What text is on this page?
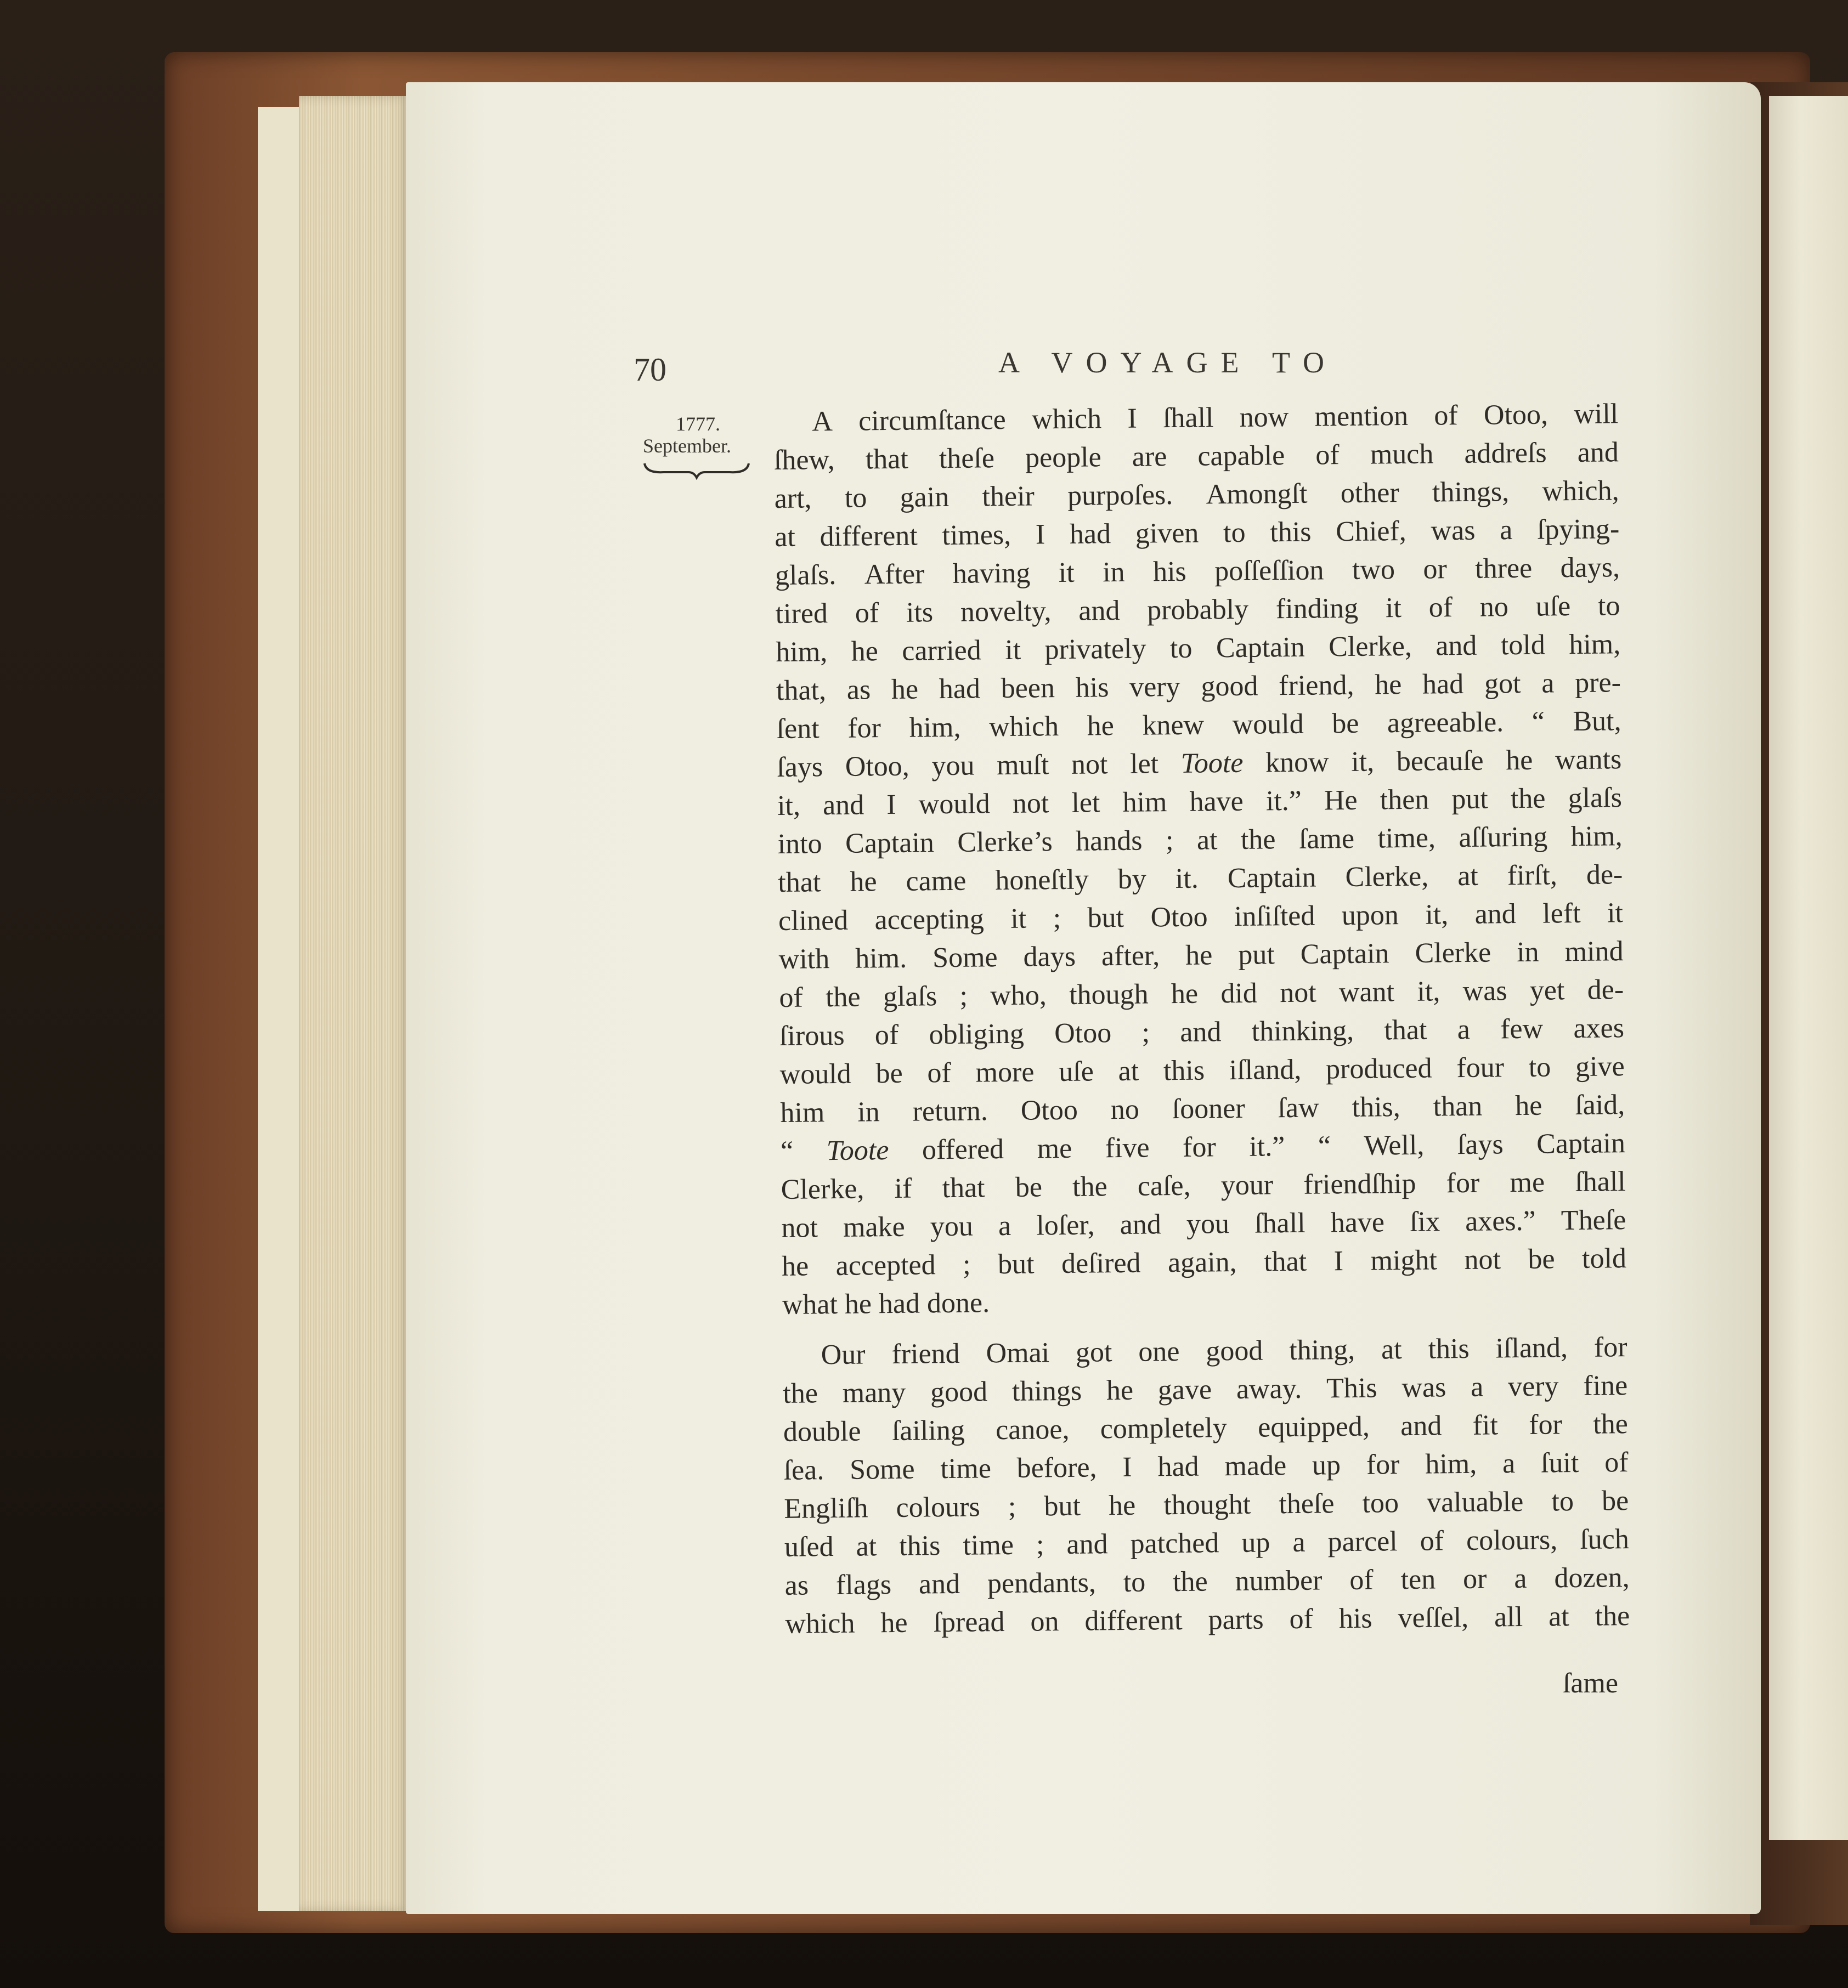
70	A VOYAGE TO
1777.
September.
A circumſtance which I ſhall now mention of Otoo, will
ſhew, that theſe people are capable of much addreſs and
art, to gain their purpoſes. Amongſt other things, which,
at different times, I had given to this Chief, was a ſpying-
glaſs. After having it in his poſſeſſion two or three days,
tired of its novelty, and probably finding it of no uſe to
him, he carried it privately to Captain Clerke, and told him,
that, as he had been his very good friend, he had got a pre-
ſent for him, which he knew would be agreeable. “ But,
ſays Otoo, you muſt not let Toote know it, becauſe he wants
it, and I would not let him have it.” He then put the glaſs
into Captain Clerke’s hands ; at the ſame time, aſſuring him,
that he came honeſtly by it. Captain Clerke, at firſt, de-
clined accepting it ; but Otoo inſiſted upon it, and left it
with him. Some days after, he put Captain Clerke in mind
of the glaſs ; who, though he did not want it, was yet de-
ſirous of obliging Otoo ; and thinking, that a few axes
would be of more uſe at this iſland, produced four to give
him in return. Otoo no ſooner ſaw this, than he ſaid,
“ Toote offered me five for it.” “ Well, ſays Captain
Clerke, if that be the caſe, your friendſhip for me ſhall
not make you a loſer, and you ſhall have ſix axes.” Theſe
he accepted ; but deſired again, that I might not be told
what he had done.
Our friend Omai got one good thing, at this iſland, for
the many good things he gave away. This was a very fine
double ſailing canoe, completely equipped, and fit for the
ſea. Some time before, I had made up for him, a ſuit of
Engliſh colours ; but he thought theſe too valuable to be
uſed at this time ; and patched up a parcel of colours, ſuch
as flags and pendants, to the number of ten or a dozen,
which he ſpread on different parts of his veſſel, all at the
ſame
